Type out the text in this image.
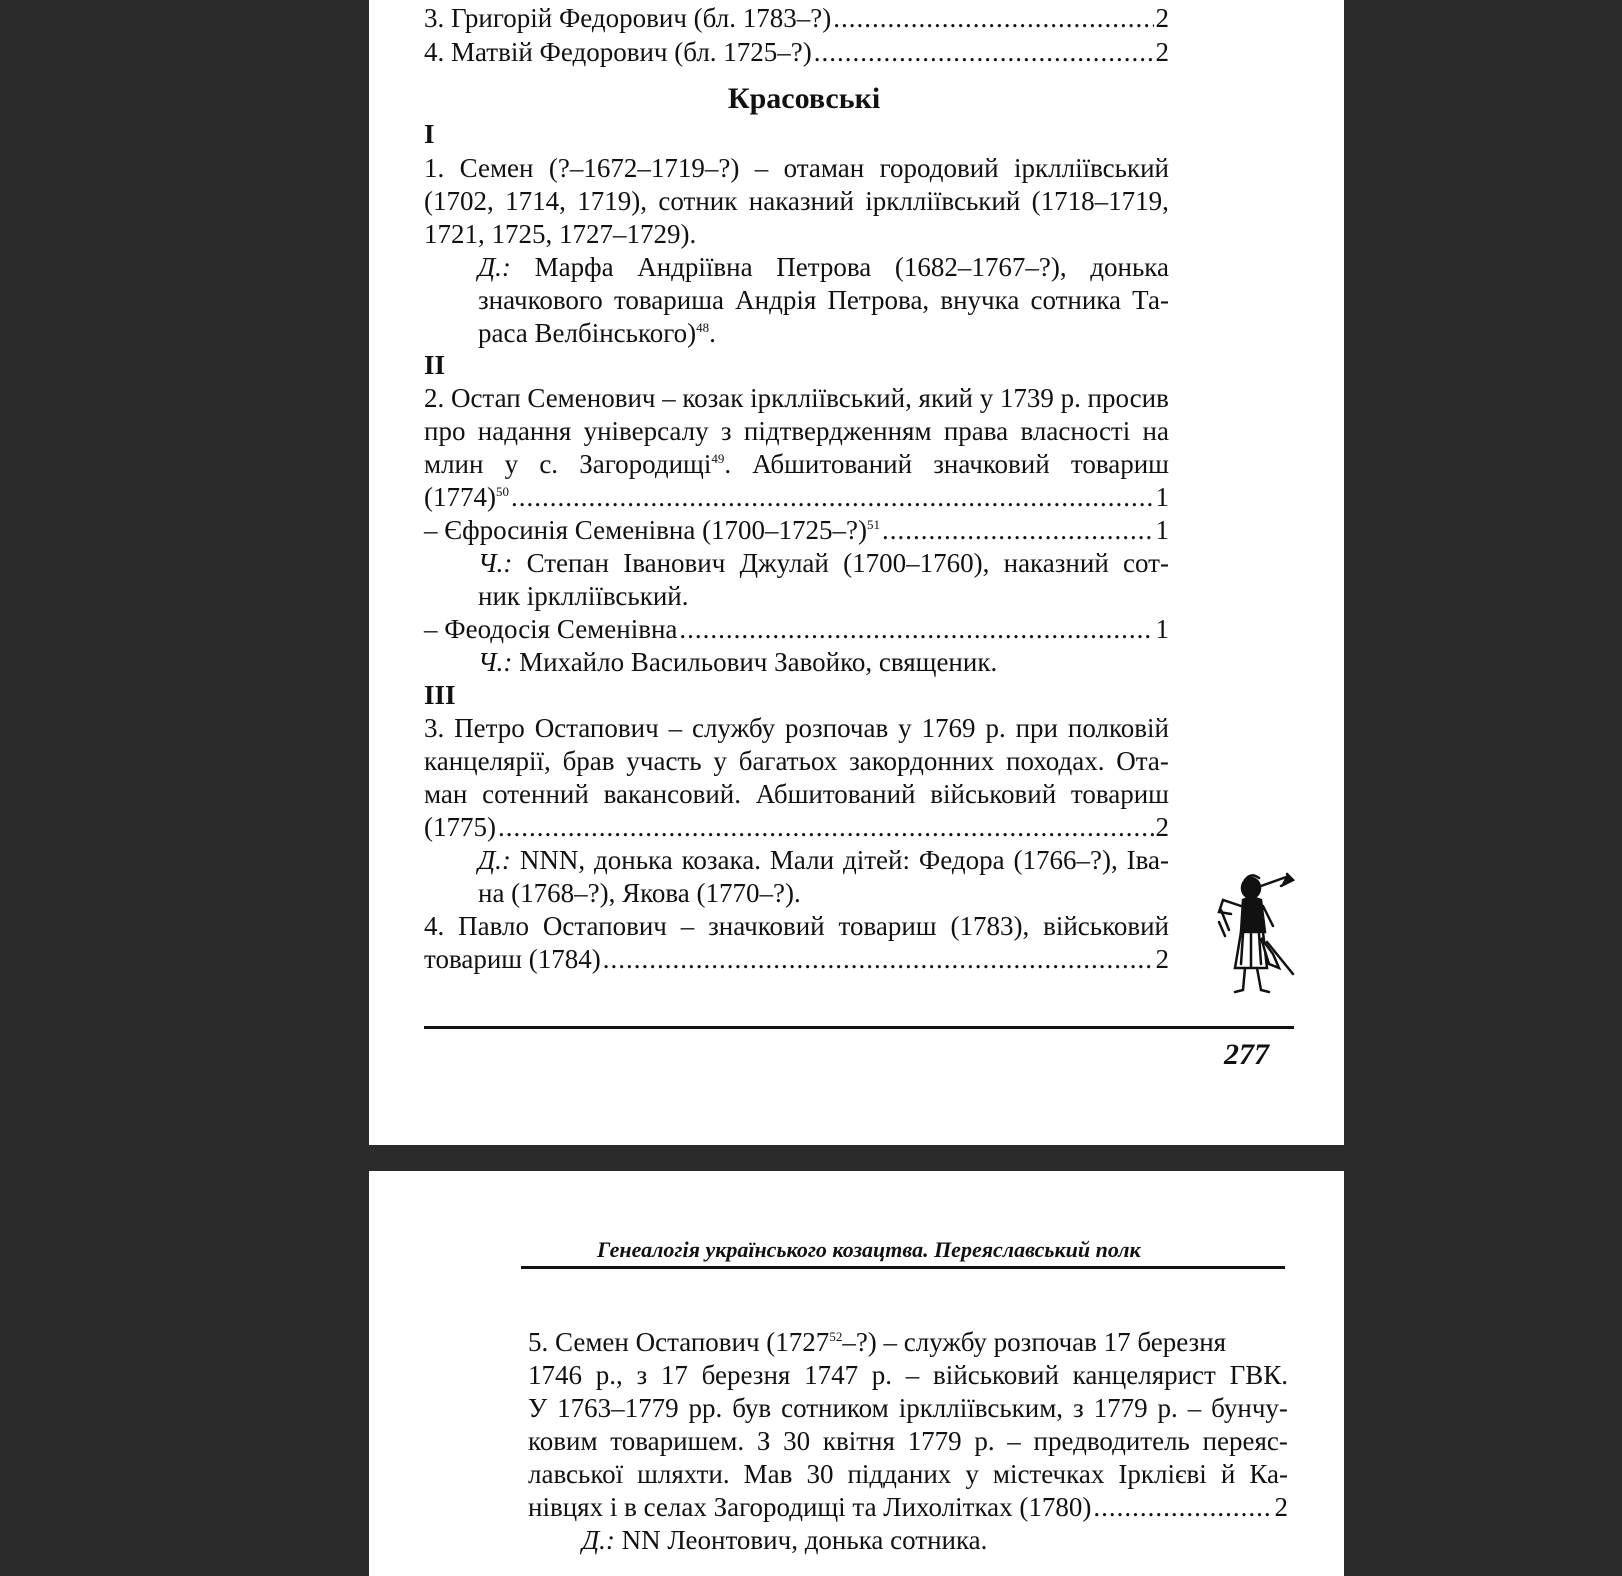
3. Григорій Федорович (бл. 1783–?) .....	2
4. Матвій Федорович (бл. 1725–?) .....	2
Красовські
I
1. Семен (?–1672–1719–?) – отаман городовий ірклліївський
(1702, 1714, 1719), сотник наказний ірклліївський (1718–1719,
1721, 1725, 1727–1729).
Д.: Марфа Андріївна Петрова (1682–1767–?), донька
значкового товариша Андрія Петрова, внучка сотника Та-
раса Велбінського)$^{48}$.
II
2. Остап Семенович – козак ірклліївський, який у 1739 р. просив
про надання універсалу з підтвердженням права власності на
млин у с. Загородищі$^{49}$. Абшитований значковий товариш
$(1774)^{50}$ .....	1
– Єфросинія Семенівна (1700–1725–?)$^{51}$ .....	1
Ч.: Степан Іванович Джулай (1700–1760), наказний сот-
ник ірклліївський.
– Феодосія Семенівна .....	1
Ч.: Михайло Васильович Завойко, священик.
III
3. Петро Остапович – службу розпочав у 1769 р. при полковій
канцелярії, брав участь у багатьох закордонних походах. Ота-
ман сотенний вакансовий. Абшитований військовий товариш
(1775) .....	2
Д.: NNN, донька козака. Мали дітей: Федора (1766–?), Іва-
на (1768–?), Якова (1770–?).
4. Павло Остапович – значковий товариш (1783), військовий
товариш (1784) .....	2
277
Генеалогія українського козацтва. Переяславський полк
5. Семен Остапович (1727$^{52}$–?) – службу розпочав 17 березня
1746 р., з 17 березня 1747 р. – військовий канцелярист ГВК.
У 1763–1779 рр. був сотником ірклліївським, з 1779 р. – бунчу-
ковим товаришем. З 30 квітня 1779 р. – предводитель переяс-
лавської шляхти. Мав 30 підданих у містечках Ірклієві й Ка-
нівцях і в селах Загородищі та Лихолітках (1780) .....	2
Д.: NN Леонтович, донька сотника.
